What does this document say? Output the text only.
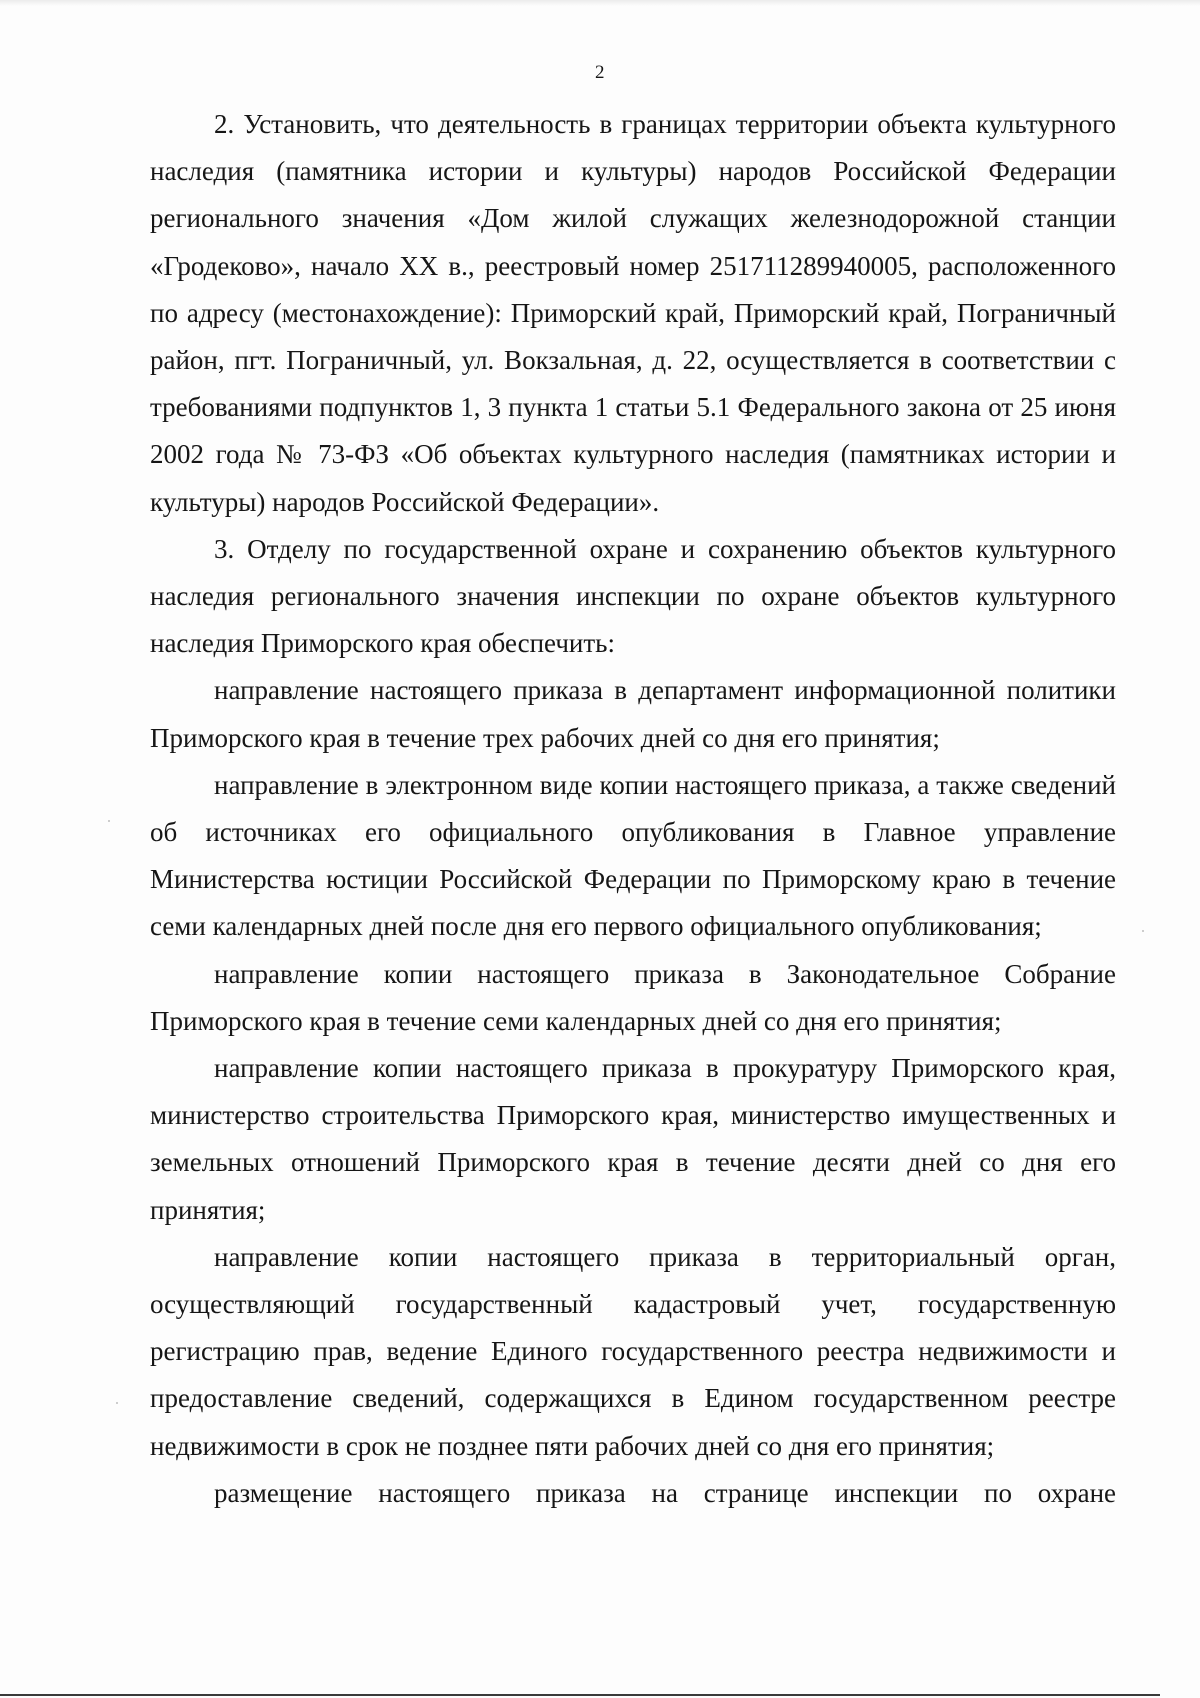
2

2. Установить, что деятельность в границах территории объекта культурного наследия (памятника истории и культуры) народов Российской Федерации регионального значения «Дом жилой служащих железнодорожной станции «Гродеково», начало XX в., реестровый номер 251711289940005, расположенного по адресу (местонахождение): Приморский край, Приморский край, Пограничный район, пгт. Пограничный, ул. Вокзальная, д. 22, осуществляется в соответствии с требованиями подпунктов 1, 3 пункта 1 статьи 5.1 Федерального закона от 25 июня 2002 года № 73-ФЗ «Об объектах культурного наследия (памятниках истории и культуры) народов Российской Федерации».

3. Отделу по государственной охране и сохранению объектов культурного наследия регионального значения инспекции по охране объектов культурного наследия Приморского края обеспечить:

направление настоящего приказа в департамент информационной политики Приморского края в течение трех рабочих дней со дня его принятия;

направление в электронном виде копии настоящего приказа, а также сведений об источниках его официального опубликования в Главное управление Министерства юстиции Российской Федерации по Приморскому краю в течение семи календарных дней после дня его первого официального опубликования;

направление копии настоящего приказа в Законодательное Собрание Приморского края в течение семи календарных дней со дня его принятия;

направление копии настоящего приказа в прокуратуру Приморского края, министерство строительства Приморского края, министерство имущественных и земельных отношений Приморского края в течение десяти дней со дня его принятия;

направление копии настоящего приказа в территориальный орган, осуществляющий государственный кадастровый учет, государственную регистрацию прав, ведение Единого государственного реестра недвижимости и предоставление сведений, содержащихся в Едином государственном реестре недвижимости в срок не позднее пяти рабочих дней со дня его принятия;

размещение настоящего приказа на странице инспекции по охране
